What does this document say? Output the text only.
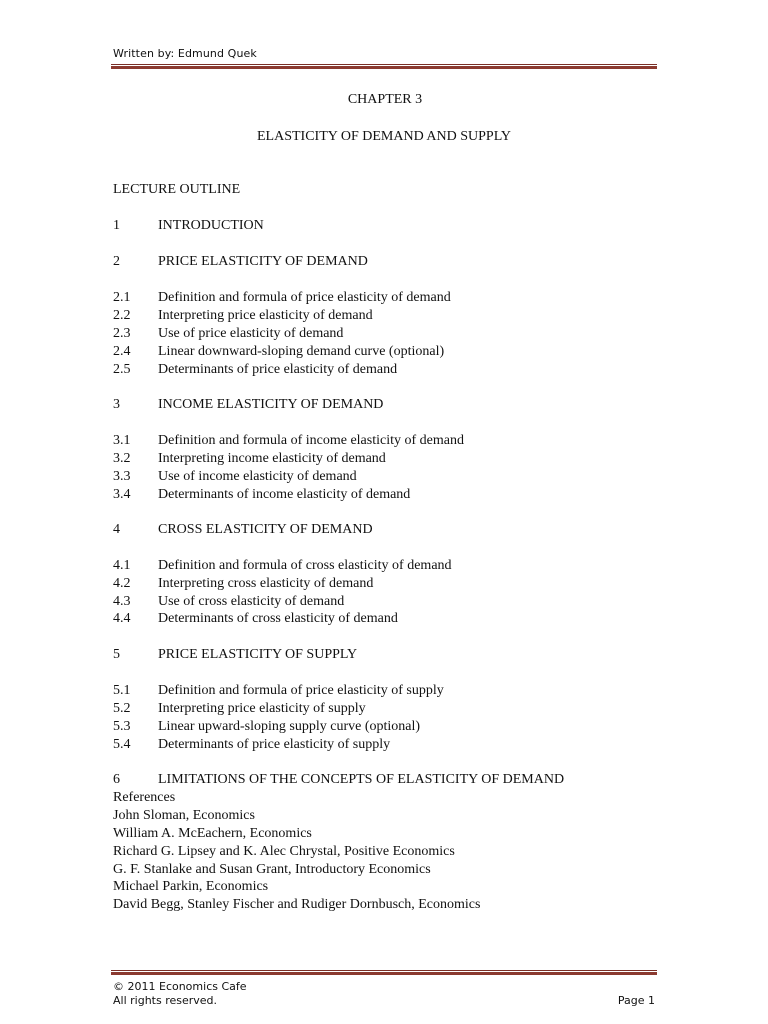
Written by: Edmund Quek
CHAPTER 3
ELASTICITY OF DEMAND AND SUPPLY
LECTURE OUTLINE
1	INTRODUCTION
2	PRICE ELASTICITY OF DEMAND
2.1 Definition and formula of price elasticity of demand
2.2 Interpreting price elasticity of demand
2.3 Use of price elasticity of demand
2.4 Linear downward-sloping demand curve (optional)
2.5 Determinants of price elasticity of demand
3	INCOME ELASTICITY OF DEMAND
3.1 Definition and formula of income elasticity of demand
3.2 Interpreting income elasticity of demand
3.3 Use of income elasticity of demand
3.4 Determinants of income elasticity of demand
4	CROSS ELASTICITY OF DEMAND
4.1 Definition and formula of cross elasticity of demand
4.2 Interpreting cross elasticity of demand
4.3 Use of cross elasticity of demand
4.4 Determinants of cross elasticity of demand
5	PRICE ELASTICITY OF SUPPLY
5.1 Definition and formula of price elasticity of supply
5.2 Interpreting price elasticity of supply
5.3 Linear upward-sloping supply curve (optional)
5.4 Determinants of price elasticity of supply
6	LIMITATIONS OF THE CONCEPTS OF ELASTICITY OF DEMAND
References
John Sloman, Economics
William A. McEachern, Economics
Richard G. Lipsey and K. Alec Chrystal, Positive Economics
G. F. Stanlake and Susan Grant, Introductory Economics
Michael Parkin, Economics
David Begg, Stanley Fischer and Rudiger Dornbusch, Economics
© 2011 Economics Cafe
All rights reserved.	Page 1
